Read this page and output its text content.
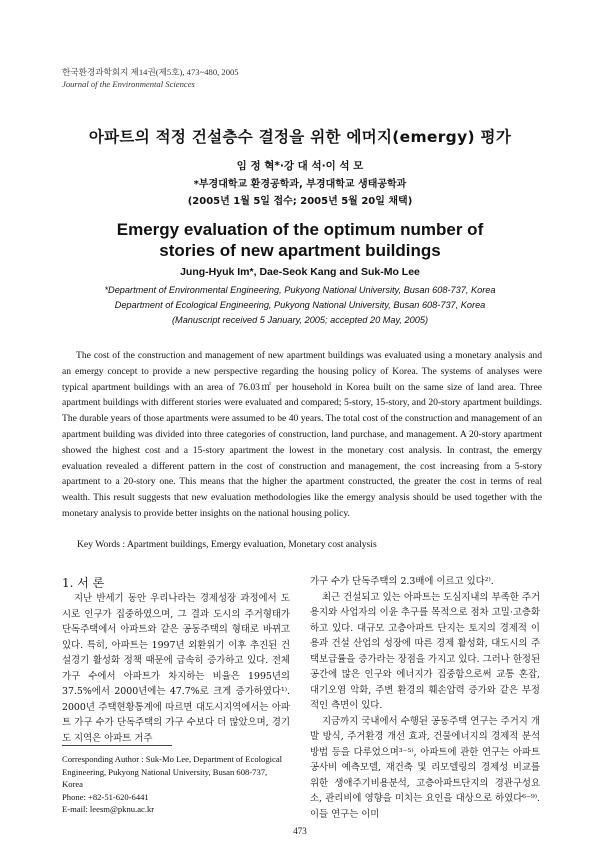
한국환경과학회지 제14권(제5호), 473~480, 2005
Journal of the Environmental Sciences
아파트의 적정 건설층수 결정을 위한 에머지(emergy) 평가
임 정 혁*·강 대 석·이 석 모
*부경대학교 환경공학과, 부경대학교 생태공학과
(2005년 1월 5일 접수; 2005년 5월 20일 채택)
Emergy evaluation of the optimum number of
stories of new apartment buildings
Jung-Hyuk Im*, Dae-Seok Kang and Suk-Mo Lee
*Department of Environmental Engineering, Pukyong National University, Busan 608-737, Korea
Department of Ecological Engineering, Pukyong National University, Busan 608-737, Korea
(Manuscript received 5 January, 2005; accepted 20 May, 2005)
The cost of the construction and management of new apartment buildings was evaluated using a monetary analysis and an emergy concept to provide a new perspective regarding the housing policy of Korea. The systems of analyses were typical apartment buildings with an area of 76.03㎡ per household in Korea built on the same size of land area. Three apartment buildings with different stories were evaluated and compared; 5-story, 15-story, and 20-story apartment buildings. The durable years of those apartments were assumed to be 40 years. The total cost of the construction and management of an apartment building was divided into three categories of construction, land purchase, and management. A 20-story apartment showed the highest cost and a 15-story apartment the lowest in the monetary cost analysis. In contrast, the emergy evaluation revealed a different pattern in the cost of construction and management, the cost increasing from a 5-story apartment to a 20-story one. This means that the higher the apartment constructed, the greater the cost in terms of real wealth. This result suggests that new evaluation methodologies like the emergy analysis should be used together with the monetary analysis to provide better insights on the national housing policy.
Key Words : Apartment buildings, Emergy evaluation, Monetary cost analysis
1. 서 론

지난 반세기 동안 우리나라는 경제성장 과정에서 도시로 인구가 집중하였으며, 그 결과 도시의 주거형태가 단독주택에서 아파트와 같은 공동주택의 형태로 바뀌고 있다. 특히, 아파트는 1997년 외환위기 이후 추진된 건설경기 활성화 정책 때문에 급속히 증가하고 있다. 전체 가구 수에서 아파트가 차지하는 비율은 1995년의 37.5%에서 2000년에는 47.7%로 크게 증가하였다¹⁾. 2000년 주택현황통계에 따르면 대도시지역에서는 아파트 가구 수가 단독주택의 가구 수보다 더 많았으며, 경기도 지역은 아파트 거주

가구 수가 단독주택의 2.3배에 이르고 있다²⁾.

최근 건설되고 있는 아파트는 도심지내의 부족한 주거용지와 사업자의 이윤 추구를 목적으로 점차 고밀·고층화하고 있다. 대규모 고층아파트 단지는 토지의 경제적 이용과 건설 산업의 성장에 따른 경제 활성화, 대도시의 주택보급률을 증가라는 장점을 가지고 있다. 그러나 한정된 공간에 많은 인구와 에너지가 집중함으로써 교통 혼잡, 대기오염 악화, 주변 환경의 훼손압력 증가와 같은 부정적인 측면이 있다.

지금까지 국내에서 수행된 공동주택 연구는 주거지 개발 방식, 주거환경 개선 효과, 건물에너지의 경제적 분석방법 등을 다루었으며³⁻⁵⁾, 아파트에 관한 연구는 아파트 공사비 예측모델, 재건축 및 리모델링의 경제성 비교를 위한 생애주기비용분석, 고층아파트단지의 경관구성요소, 관리비에 영향을 미치는 요인을 대상으로 하였다⁶⁻⁹⁾. 이들 연구는 이미

Corresponding Author : Suk-Mo Lee, Department of Ecological
Engineering, Pukyong National University, Busan 608-737,
Korea
Phone: +82-51-620-6441
E-mail: leesm@pknu.ac.kr
473
